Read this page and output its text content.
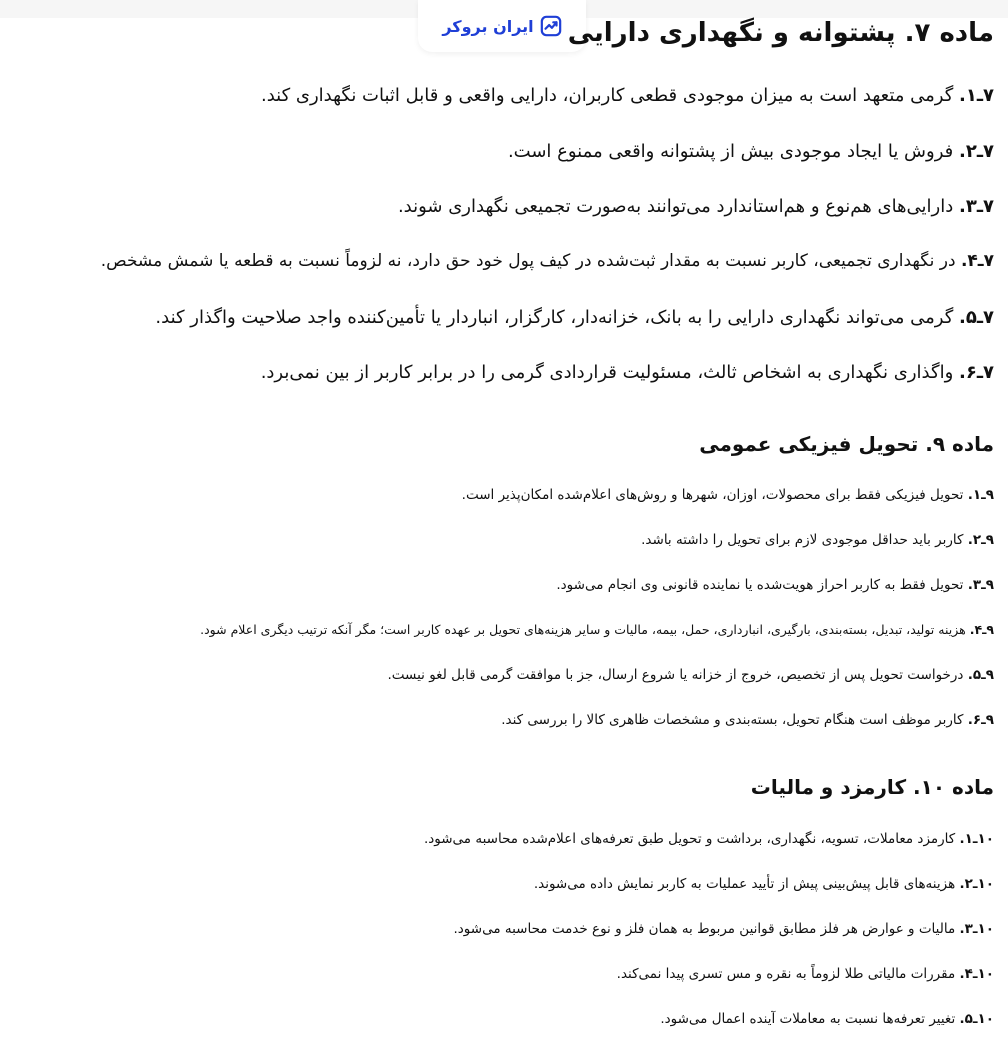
ایران بروکر ماده ۷. پشتوانه و نگهداری دارایی

۷ـ۱. گرمی متعهد است به میزان موجودی قطعی کاربران، دارایی واقعی و قابل اثبات نگهداری کند.

۷ـ۲. فروش یا ایجاد موجودی بیش از پشتوانه واقعی ممنوع است.

۷ـ۳. دارایی‌های هم‌نوع و هم‌استاندارد می‌توانند به‌صورت تجمیعی نگهداری شوند.

۷ـ۴. در نگهداری تجمیعی، کاربر نسبت به مقدار ثبت‌شده در کیف پول خود حق دارد، نه لزوماً نسبت به قطعه یا شمش مشخص.

۷ـ۵. گرمی می‌تواند نگهداری دارایی را به بانک، خزانه‌دار، کارگزار، انباردار یا تأمین‌کننده واجد صلاحیت واگذار کند.

۷ـ۶. واگذاری نگهداری به اشخاص ثالث، مسئولیت قراردادی گرمی را در برابر کاربر از بین نمی‌برد.

ماده ۹. تحویل فیزیکی عمومی

۹ـ۱. تحویل فیزیکی فقط برای محصولات، اوزان، شهرها و روش‌های اعلام‌شده امکان‌پذیر است.

۹ـ۲. کاربر باید حداقل موجودی لازم برای تحویل را داشته باشد.

۹ـ۳. تحویل فقط به کاربر احراز هویت‌شده یا نماینده قانونی وی انجام می‌شود.

۹ـ۴. هزینه تولید، تبدیل، بسته‌بندی، بارگیری، انبارداری، حمل، بیمه، مالیات و سایر هزینه‌های تحویل بر عهده کاربر است؛ مگر آنکه ترتیب دیگری اعلام شود.

۹ـ۵. درخواست تحویل پس از تخصیص، خروج از خزانه یا شروع ارسال، جز با موافقت گرمی قابل لغو نیست.

۹ـ۶. کاربر موظف است هنگام تحویل، بسته‌بندی و مشخصات ظاهری کالا را بررسی کند.

ماده ۱۰. کارمزد و مالیات

۱۰ـ۱. کارمزد معاملات، تسویه، نگهداری، برداشت و تحویل طبق تعرفه‌های اعلام‌شده محاسبه می‌شود.

۱۰ـ۲. هزینه‌های قابل پیش‌بینی پیش از تأیید عملیات به کاربر نمایش داده می‌شوند.

۱۰ـ۳. مالیات و عوارض هر فلز مطابق قوانین مربوط به همان فلز و نوع خدمت محاسبه می‌شود.

۱۰ـ۴. مقررات مالیاتی طلا لزوماً به نقره و مس تسری پیدا نمی‌کند.

۱۰ـ۵. تغییر تعرفه‌ها نسبت به معاملات آینده اعمال می‌شود.
